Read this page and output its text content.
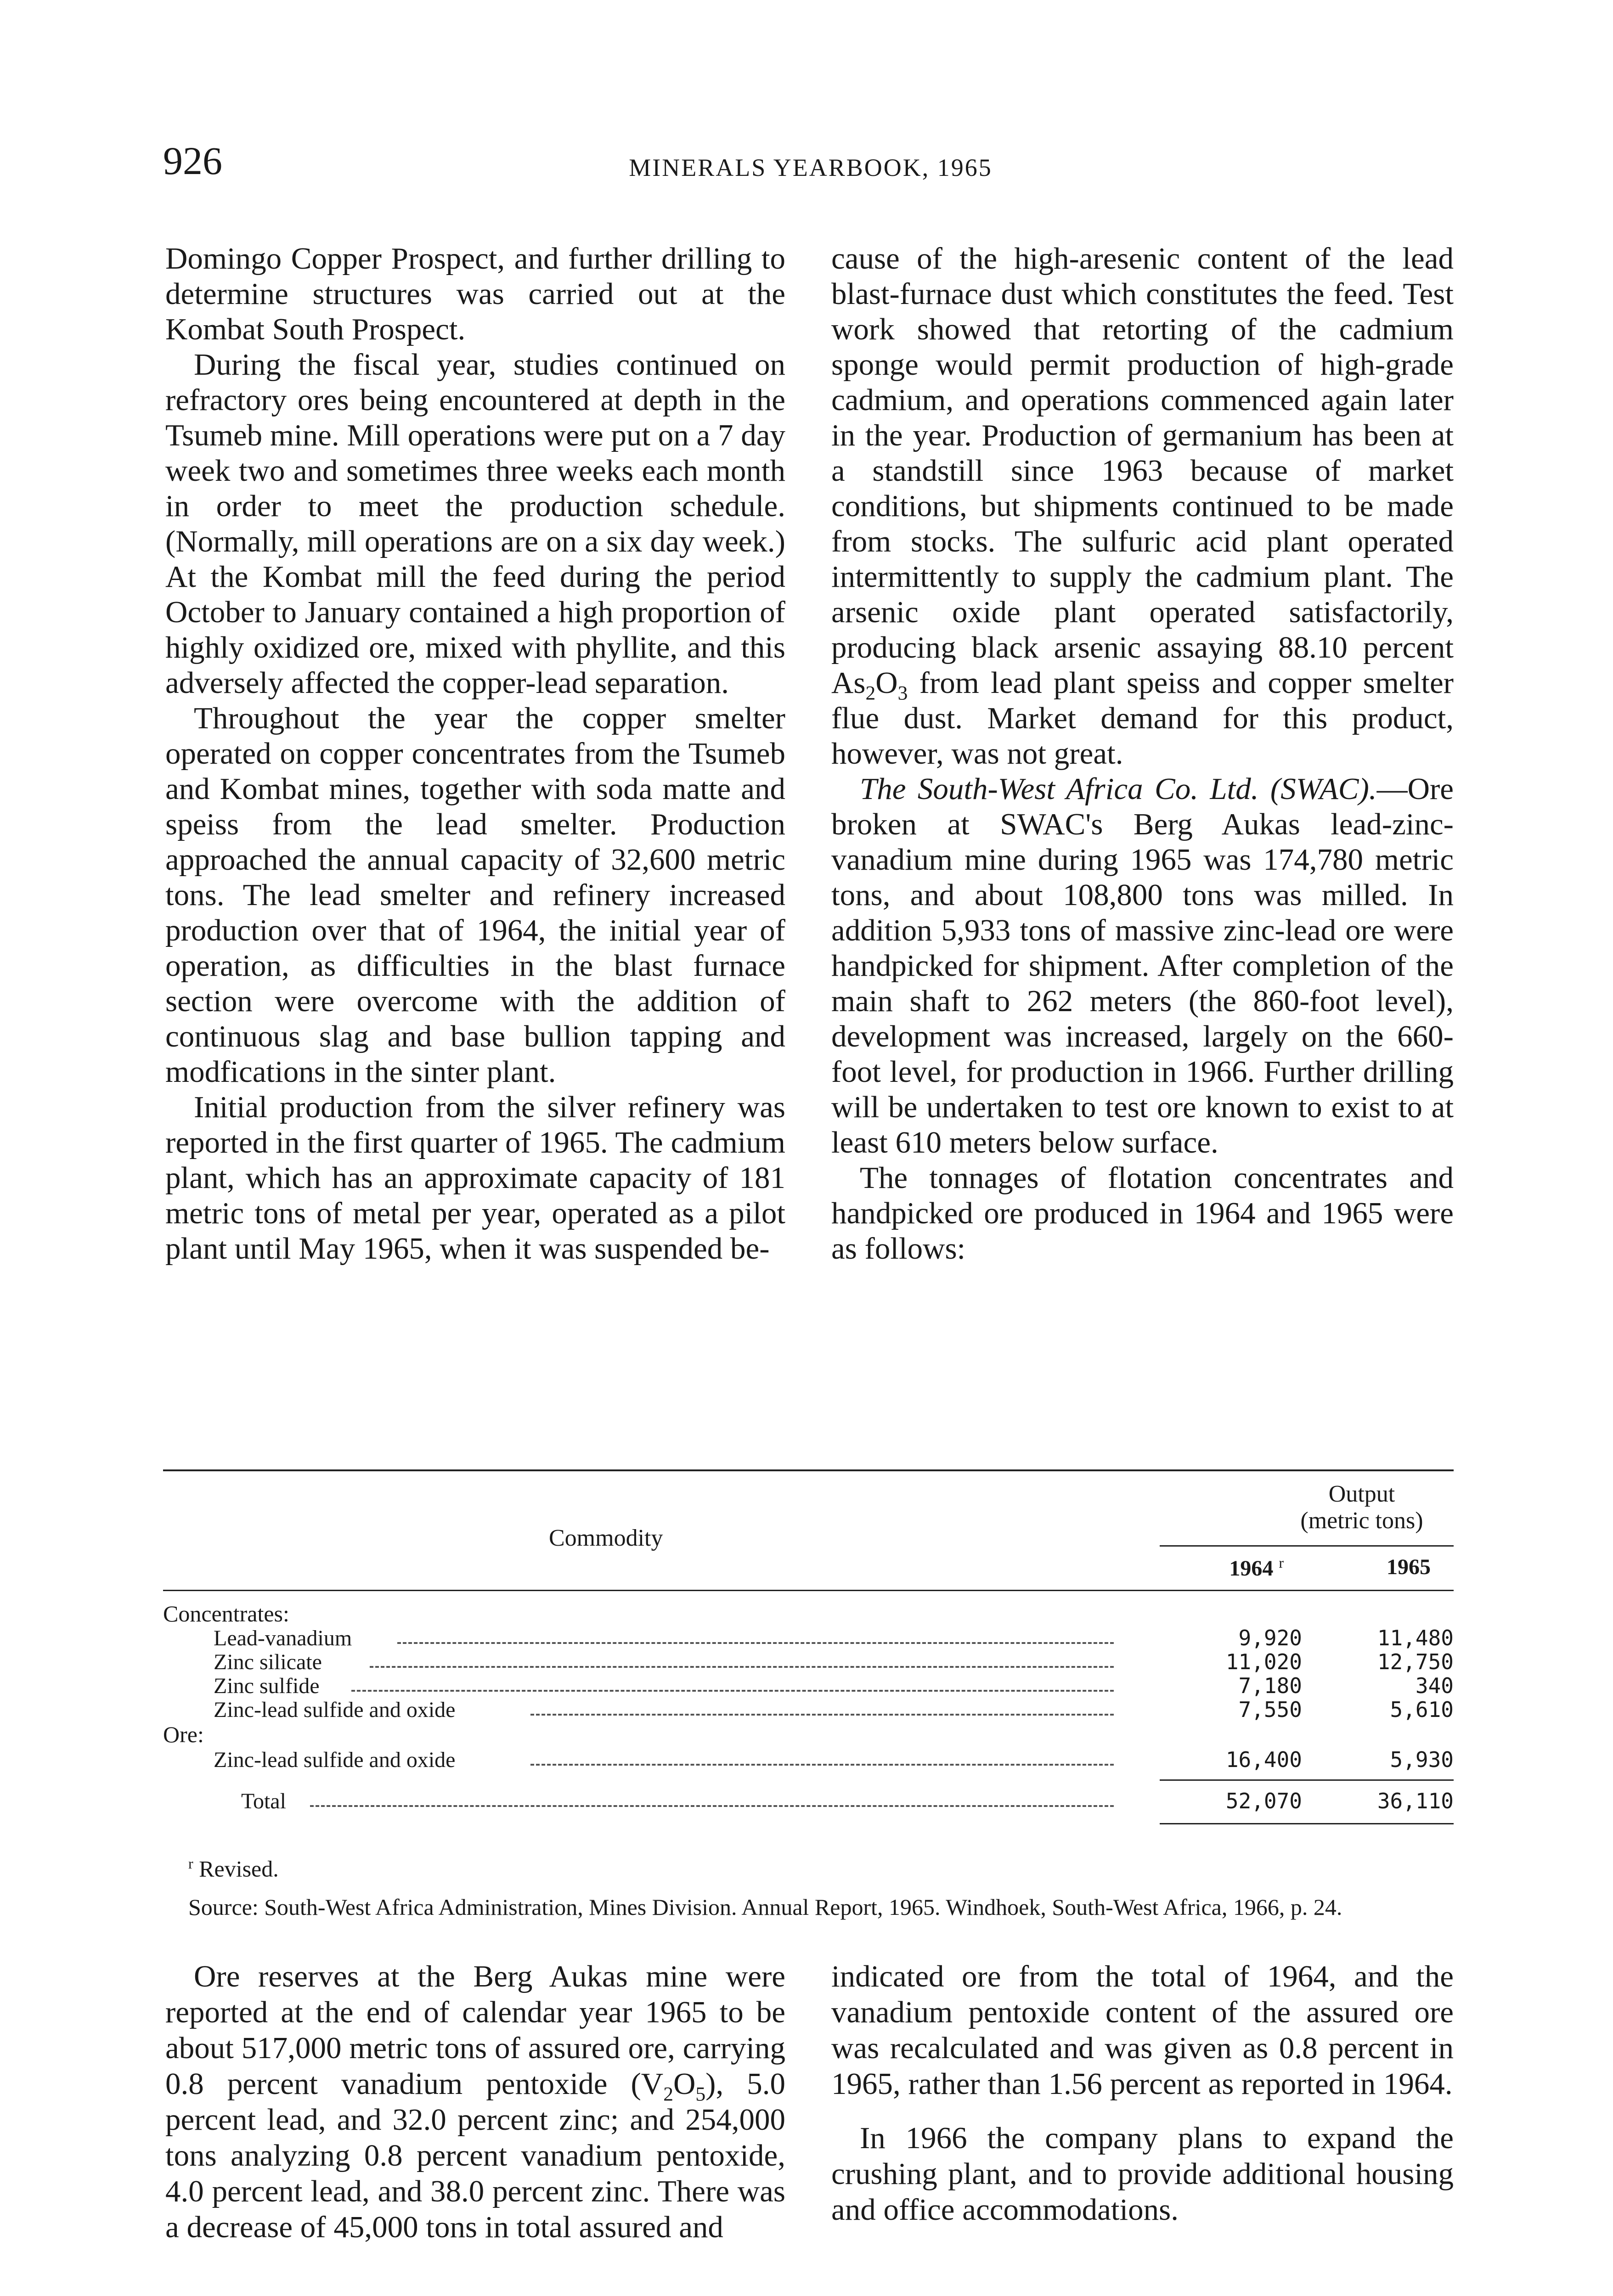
926	MINERALS YEARBOOK, 1965

Domingo Copper Prospect, and further drilling to determine structures was carried out at the Kombat South Prospect.

During the fiscal year, studies continued on refractory ores being encountered at depth in the Tsumeb mine. Mill operations were put on a 7 day week two and sometimes three weeks each month in order to meet the production schedule. (Normally, mill operations are on a six day week.) At the Kombat mill the feed during the period October to January contained a high proportion of highly oxidized ore, mixed with phyllite, and this adversely affected the copper-lead separation.

Throughout the year the copper smelter operated on copper concentrates from the Tsumeb and Kombat mines, together with soda matte and speiss from the lead smelter. Production approached the annual capacity of 32,600 metric tons. The lead smelter and refinery increased production over that of 1964, the initial year of operation, as difficulties in the blast furnace section were overcome with the addition of continuous slag and base bullion tapping and modfications in the sinter plant.

Initial production from the silver refinery was reported in the first quarter of 1965. The cadmium plant, which has an approximate capacity of 181 metric tons of metal per year, operated as a pilot plant until May 1965, when it was suspended be-

cause of the high-aresenic content of the lead blast-furnace dust which constitutes the feed. Test work showed that retorting of the cadmium sponge would permit production of high-grade cadmium, and operations commenced again later in the year. Production of germanium has been at a standstill since 1963 because of market conditions, but shipments continued to be made from stocks. The sulfuric acid plant operated intermittently to supply the cadmium plant. The arsenic oxide plant operated satisfactorily, producing black arsenic assaying 88.10 percent $As_2O_3$ from lead plant speiss and copper smelter flue dust. Market demand for this product, however, was not great.

The South-West Africa Co. Ltd. (SWAC).—Ore broken at SWAC's Berg Aukas lead-zinc-vanadium mine during 1965 was 174,780 metric tons, and about 108,800 tons was milled. In addition 5,933 tons of massive zinc-lead ore were handpicked for shipment. After completion of the main shaft to 262 meters (the 860-foot level), development was increased, largely on the 660-foot level, for production in 1966. Further drilling will be undertaken to test ore known to exist to at least 610 meters below surface.

The tonnages of flotation concentrates and handpicked ore produced in 1964 and 1965 were as follows:

Commodity
Output
(metric tons)
1964 $^r$	1965
Concentrates:
Lead-vanadium	9,920	11,480
Zinc silicate	11,020	12,750
Zinc sulfide	7,180	340
Zinc-lead sulfide and oxide	7,550	5,610
Ore:
Zinc-lead sulfide and oxide	16,400	5,930
Total	52,070	36,110
$^r$ Revised.
Source: South-West Africa Administration, Mines Division. Annual Report, 1965. Windhoek, South-West Africa, 1966, p. 24.

Ore reserves at the Berg Aukas mine were reported at the end of calendar year 1965 to be about 517,000 metric tons of assured ore, carrying 0.8 percent vanadium pentoxide $(V_2O_5)$, 5.0 percent lead, and 32.0 percent zinc; and 254,000 tons analyzing 0.8 percent vanadium pentoxide, 4.0 percent lead, and 38.0 percent zinc. There was a decrease of 45,000 tons in total assured and

indicated ore from the total of 1964, and the vanadium pentoxide content of the assured ore was recalculated and was given as 0.8 percent in 1965, rather than 1.56 percent as reported in 1964.

In 1966 the company plans to expand the crushing plant, and to provide additional housing and office accommodations.
